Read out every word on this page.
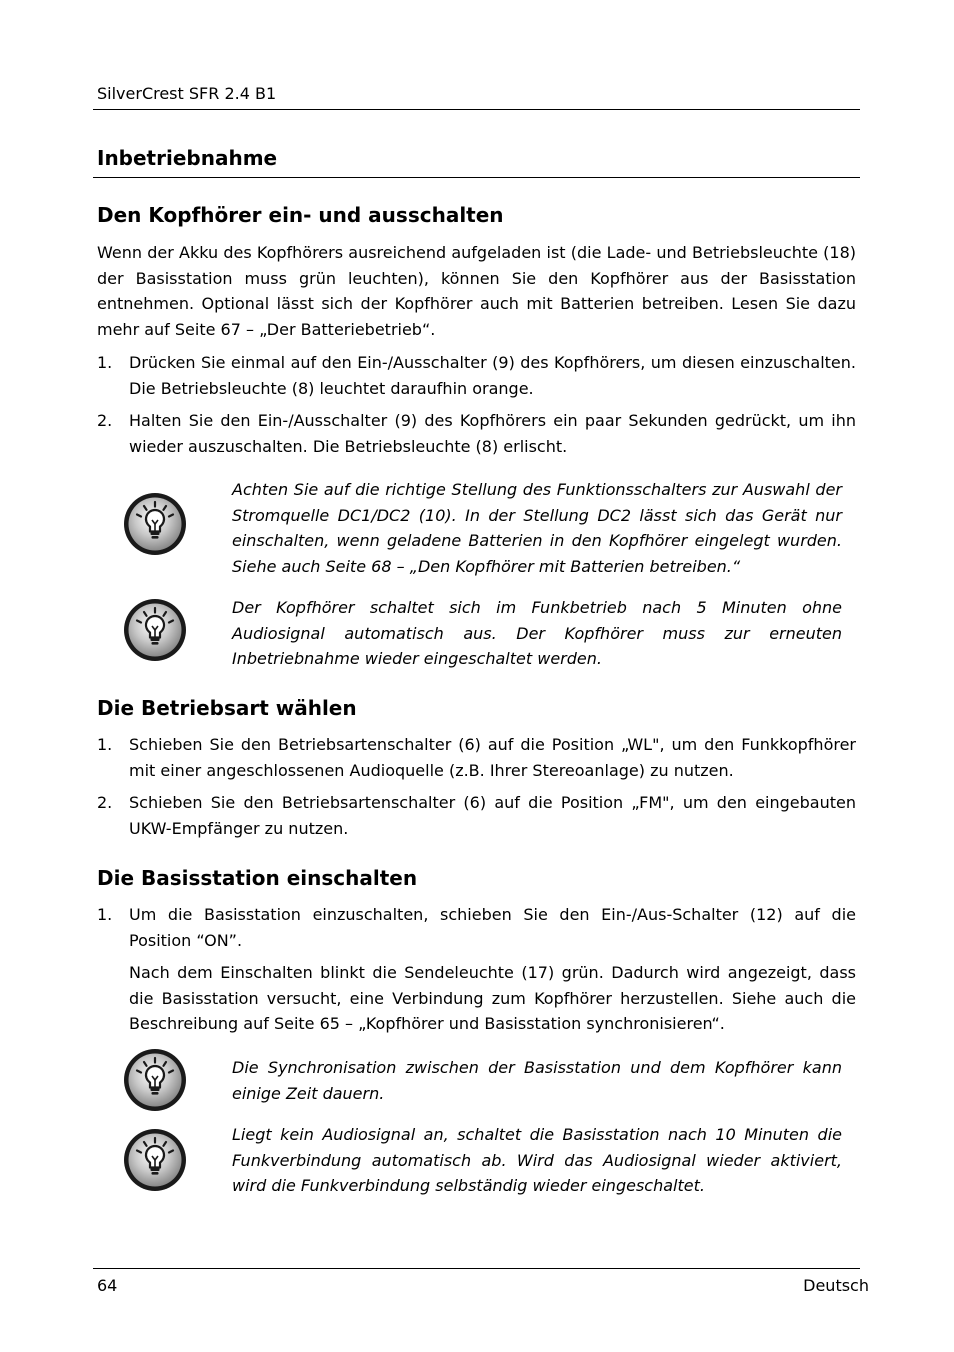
SilverCrest SFR 2.4 B1
Inbetriebnahme
Den Kopfhörer ein- und ausschalten

Wenn der Akku des Kopfhörers ausreichend aufgeladen ist (die Lade- und Betriebsleuchte (18) der Basisstation muss grün leuchten), können Sie den Kopfhörer aus der Basisstation entnehmen. Optional lässt sich der Kopfhörer auch mit Batterien betreiben. Lesen Sie dazu mehr auf Seite 67 – „Der Batteriebetrieb“.

1. Drücken Sie einmal auf den Ein-/Ausschalter (9) des Kopfhörers, um diesen einzuschalten. Die Betriebsleuchte (8) leuchtet daraufhin orange.
2. Halten Sie den Ein-/Ausschalter (9) des Kopfhörers ein paar Sekunden gedrückt, um ihn wieder auszuschalten. Die Betriebsleuchte (8) erlischt.

Achten Sie auf die richtige Stellung des Funktionsschalters zur Auswahl der Stromquelle DC1/DC2 (10). In der Stellung DC2 lässt sich das Gerät nur einschalten, wenn geladene Batterien in den Kopfhörer eingelegt wurden. Siehe auch Seite 68 – „Den Kopfhörer mit Batterien betreiben.“

Der Kopfhörer schaltet sich im Funkbetrieb nach 5 Minuten ohne Audiosignal automatisch aus. Der Kopfhörer muss zur erneuten Inbetriebnahme wieder eingeschaltet werden.

Die Betriebsart wählen
1. Schieben Sie den Betriebsartenschalter (6) auf die Position „WL", um den Funkkopfhörer mit einer angeschlossenen Audioquelle (z.B. Ihrer Stereoanlage) zu nutzen.
2. Schieben Sie den Betriebsartenschalter (6) auf die Position „FM", um den eingebauten UKW-Empfänger zu nutzen.
Die Basisstation einschalten
1. Um die Basisstation einzuschalten, schieben Sie den Ein-/Aus-Schalter (12) auf die Position “ON”.

Nach dem Einschalten blinkt die Sendeleuchte (17) grün. Dadurch wird angezeigt, dass die Basisstation versucht, eine Verbindung zum Kopfhörer herzustellen. Siehe auch die Beschreibung auf Seite 65 – „Kopfhörer und Basisstation synchronisieren“.

Die Synchronisation zwischen der Basisstation und dem Kopfhörer kann einige Zeit dauern.

Liegt kein Audiosignal an, schaltet die Basisstation nach 10 Minuten die Funkverbindung automatisch ab. Wird das Audiosignal wieder aktiviert, wird die Funkverbindung selbständig wieder eingeschaltet.

64	Deutsch
